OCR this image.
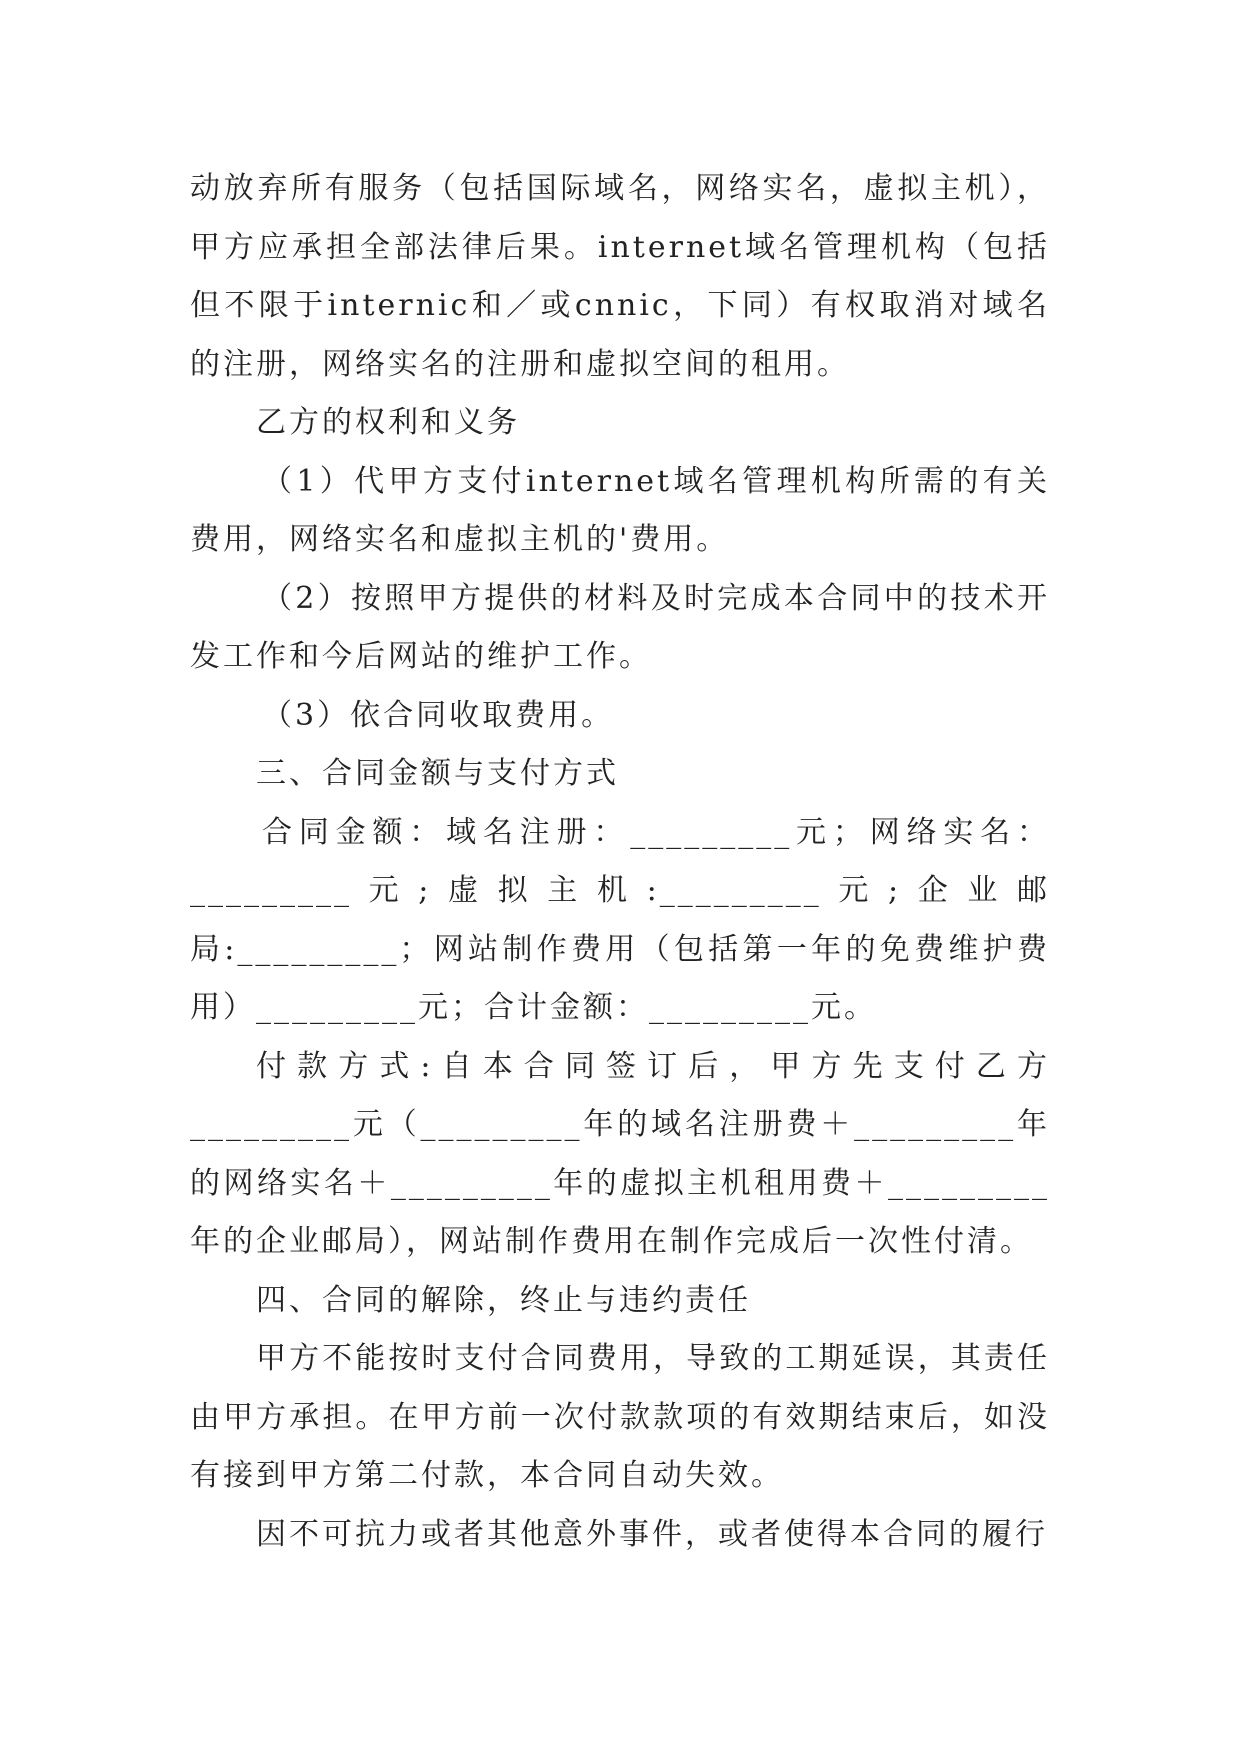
动放弃所有服务（包括国际域名，网络实名，虚拟主机），甲方应承担全部法律后果。internet域名管理机构（包括但不限于internic和／或cnnic，下同）有权取消对域名的注册，网络实名的注册和虚拟空间的租用。

乙方的权利和义务

（1）代甲方支付internet域名管理机构所需的有关费用，网络实名和虚拟主机的'费用。

（2）按照甲方提供的材料及时完成本合同中的技术开发工作和今后网站的维护工作。

（3）依合同收取费用。

三、合同金额与支付方式

合同金额：域名注册：_________元；网络实名：_________元;虚拟主机:_________元;企业邮局:_________；网站制作费用（包括第一年的免费维护费用）_________元；合计金额：_________元。

付款方式:自本合同签订后，甲方先支付乙方_________元（_________年的域名注册费＋_________年的网络实名＋_________年的虚拟主机租用费＋_________年的企业邮局），网站制作费用在制作完成后一次性付清。

四、合同的解除，终止与违约责任

甲方不能按时支付合同费用，导致的工期延误，其责任由甲方承担。在甲方前一次付款款项的有效期结束后，如没有接到甲方第二付款，本合同自动失效。

因不可抗力或者其他意外事件，或者使得本合同的履行
